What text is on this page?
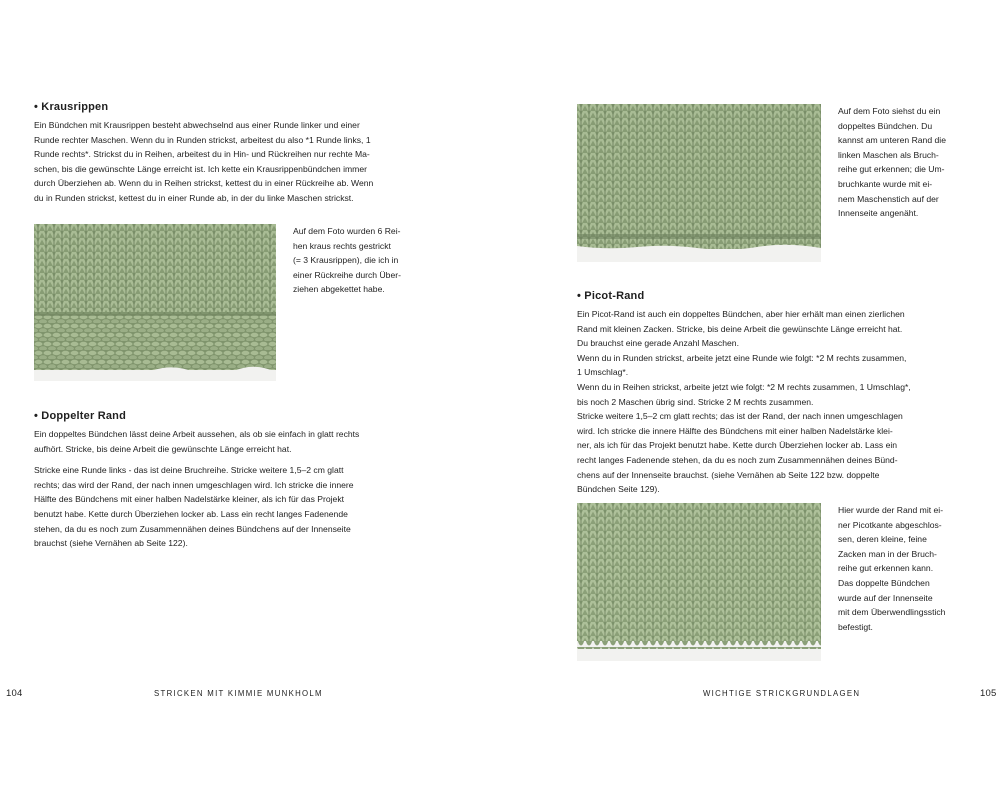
• Krausrippen

Ein Bündchen mit Krausrippen besteht abwechselnd aus einer Runde linker und einer

Runde rechter Maschen. Wenn du in Runden strickst, arbeitest du also *1 Runde links, 1

Runde rechts*. Strickst du in Reihen, arbeitest du in Hin- und Rückreihen nur rechte Ma-

schen, bis die gewünschte Länge erreicht ist. Ich kette ein Krausrippenbündchen immer

durch Überziehen ab. Wenn du in Reihen strickst, kettest du in einer Rückreihe ab. Wenn

du in Runden strickst, kettest du in einer Runde ab, in der du linke Maschen strickst.

Auf dem Foto wurden 6 Rei-

hen kraus rechts gestrickt

(= 3 Krausrippen), die ich in

einer Rückreihe durch Über-

ziehen abgekettet habe.

• Doppelter Rand

Ein doppeltes Bündchen lässt deine Arbeit aussehen, als ob sie einfach in glatt rechts

aufhört. Stricke, bis deine Arbeit die gewünschte Länge erreicht hat.

Stricke eine Runde links - das ist deine Bruchreihe. Stricke weitere 1,5–2 cm glatt

rechts; das wird der Rand, der nach innen umgeschlagen wird. Ich stricke die innere

Hälfte des Bündchens mit einer halben Nadelstärke kleiner, als ich für das Projekt

benutzt habe. Kette durch Überziehen locker ab. Lass ein recht langes Fadenende

stehen, da du es noch zum Zusammennähen deines Bündchens auf der Innenseite

brauchst (siehe Vernähen ab Seite 122).

104	STRICKEN MIT KIMMIE MUNKHOLM

Auf dem Foto siehst du ein

doppeltes Bündchen. Du

kannst am unteren Rand die

linken Maschen als Bruch-

reihe gut erkennen; die Um-

bruchkante wurde mit ei-

nem Maschenstich auf der

Innenseite angenäht.

• Picot-Rand

Ein Picot-Rand ist auch ein doppeltes Bündchen, aber hier erhält man einen zierlichen

Rand mit kleinen Zacken. Stricke, bis deine Arbeit die gewünschte Länge erreicht hat.

Du brauchst eine gerade Anzahl Maschen.

Wenn du in Runden strickst, arbeite jetzt eine Runde wie folgt: *2 M rechts zusammen,

1 Umschlag*.

Wenn du in Reihen strickst, arbeite jetzt wie folgt: *2 M rechts zusammen, 1 Umschlag*,

bis noch 2 Maschen übrig sind. Stricke 2 M rechts zusammen.

Stricke weitere 1,5–2 cm glatt rechts; das ist der Rand, der nach innen umgeschlagen

wird. Ich stricke die innere Hälfte des Bündchens mit einer halben Nadelstärke klei-

ner, als ich für das Projekt benutzt habe. Kette durch Überziehen locker ab. Lass ein

recht langes Fadenende stehen, da du es noch zum Zusammennähen deines Bünd-

chens auf der Innenseite brauchst. (siehe Vernähen ab Seite 122 bzw. doppelte

Bündchen Seite 129).

Hier wurde der Rand mit ei-

ner Picotkante abgeschlos-

sen, deren kleine, feine

Zacken man in der Bruch-

reihe gut erkennen kann.

Das doppelte Bündchen

wurde auf der Innenseite

mit dem Überwendlingsstich

befestigt.

WICHTIGE STRICKGRUNDLAGEN	105
